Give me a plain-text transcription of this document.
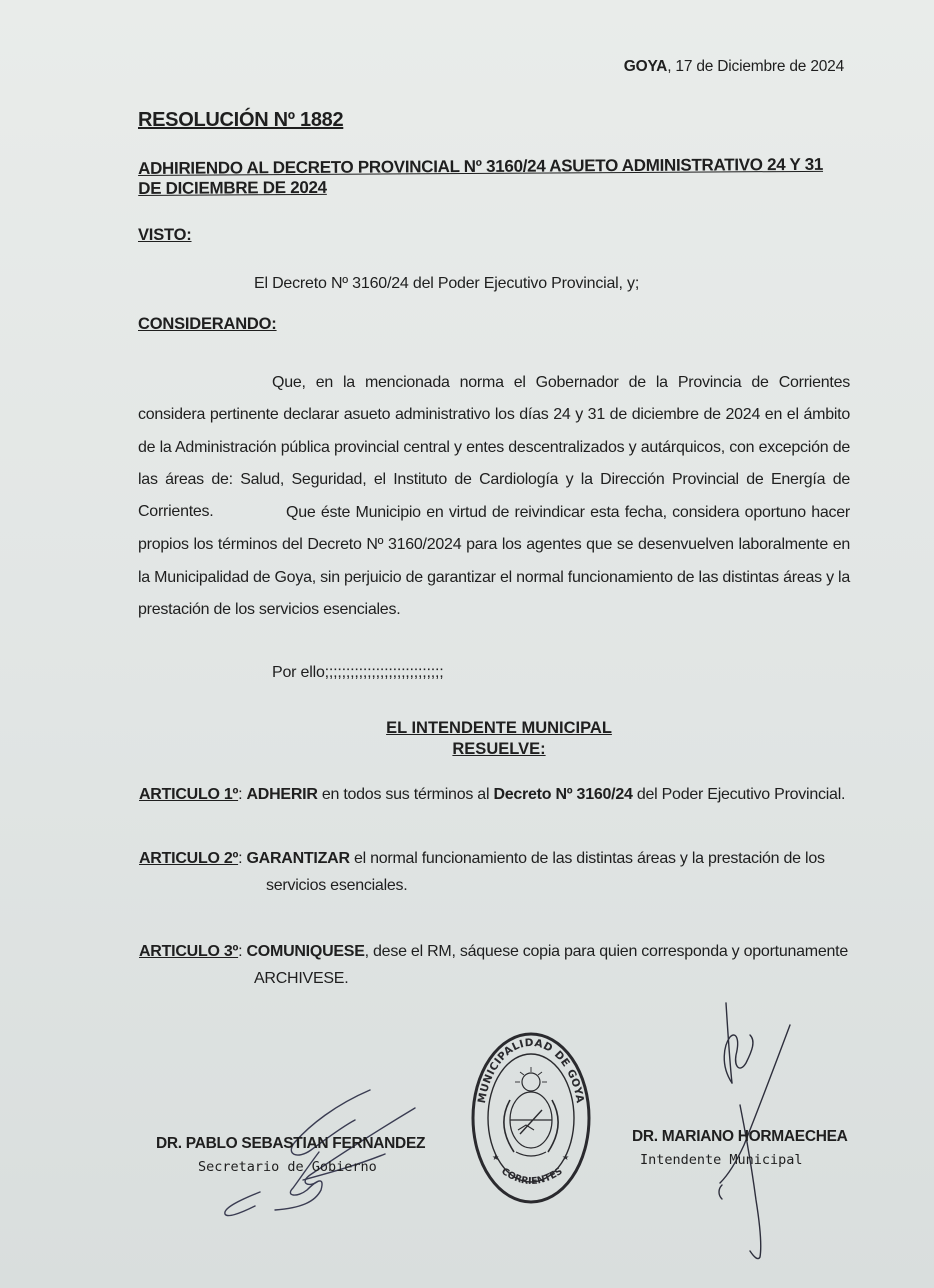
GOYA, 17 de Diciembre de 2024
RESOLUCIÓN Nº 1882
ADHIRIENDO AL DECRETO PROVINCIAL Nº 3160/24 ASUETO ADMINISTRATIVO 24 Y 31 DE DICIEMBRE DE 2024
VISTO:
El Decreto Nº 3160/24 del Poder Ejecutivo Provincial, y;
CONSIDERANDO:
Que, en la mencionada norma el Gobernador de la Provincia de Corrientes considera pertinente declarar asueto administrativo los días 24 y 31 de diciembre de 2024 en el ámbito de la Administración pública provincial central y entes descentralizados y autárquicos, con excepción de las áreas de: Salud, Seguridad, el Instituto de Cardiología y la Dirección Provincial de Energía de Corrientes.	Que éste Municipio en virtud de reivindicar esta fecha, considera oportuno hacer propios los términos del Decreto Nº 3160/2024 para los agentes que se desenvuelven laboralmente en la Municipalidad de Goya, sin perjuicio de garantizar el normal funcionamiento de las distintas áreas y la prestación de los servicios esenciales.
Por ello;;;;;;;;;;;;;;;;;;;;;;;;;;;;
EL INTENDENTE MUNICIPAL
RESUELVE:
ARTICULO 1º: ADHERIR en todos sus términos al Decreto Nº 3160/24 del Poder Ejecutivo Provincial.
ARTICULO 2º: GARANTIZAR el normal funcionamiento de las distintas áreas y la prestación de los
servicios esenciales.
ARTICULO 3º: COMUNIQUESE, dese el RM, sáquese copia para quien corresponda y oportunamente
ARCHIVESE.
MUNICIPALIDAD DE GOYA
CORRIENTES
★	★
DR. PABLO SEBASTIAN FERNANDEZ
Secretario de Gobierno
DR. MARIANO HORMAECHEA
Intendente Municipal
